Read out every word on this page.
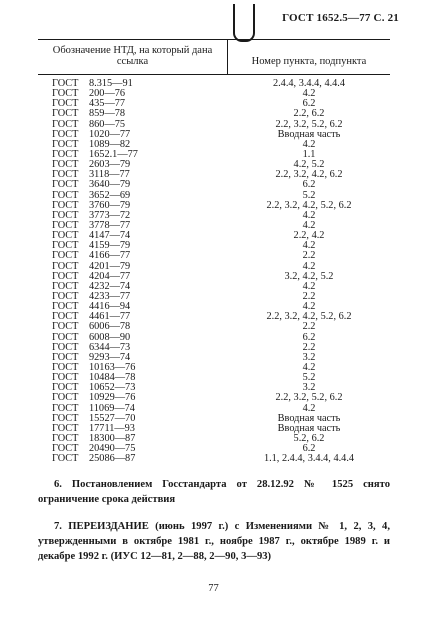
ГОСТ 1652.5—77 С. 21
Обозначение НТД, на который дана ссылка	Номер пункта, подпункта
ГОСТ 8.315—91	2.4.4, 3.4.4, 4.4.4
ГОСТ 200—76	4.2
ГОСТ 435—77	6.2
ГОСТ 859—78	2.2, 6.2
ГОСТ 860—75	2.2, 3.2, 5.2, 6.2
ГОСТ 1020—77	Вводная часть
ГОСТ 1089—82	4.2
ГОСТ 1652.1—77	1.1
ГОСТ 2603—79	4.2, 5.2
ГОСТ 3118—77	2.2, 3.2, 4.2, 6.2
ГОСТ 3640—79	6.2
ГОСТ 3652—69	5.2
ГОСТ 3760—79	2.2, 3.2, 4.2, 5.2, 6.2
ГОСТ 3773—72	4.2
ГОСТ 3778—77	4.2
ГОСТ 4147—74	2.2, 4.2
ГОСТ 4159—79	4.2
ГОСТ 4166—77	2.2
ГОСТ 4201—79	4.2
ГОСТ 4204—77	3.2, 4.2, 5.2
ГОСТ 4232—74	4.2
ГОСТ 4233—77	2.2
ГОСТ 4416—94	4.2
ГОСТ 4461—77	2.2, 3.2, 4.2, 5.2, 6.2
ГОСТ 6006—78	2.2
ГОСТ 6008—90	6.2
ГОСТ 6344—73	2.2
ГОСТ 9293—74	3.2
ГОСТ 10163—76	4.2
ГОСТ 10484—78	5.2
ГОСТ 10652—73	3.2
ГОСТ 10929—76	2.2, 3.2, 5.2, 6.2
ГОСТ 11069—74	4.2
ГОСТ 15527—70	Вводная часть
ГОСТ 17711—93	Вводная часть
ГОСТ 18300—87	5.2, 6.2
ГОСТ 20490—75	6.2
ГОСТ 25086—87	1.1, 2.4.4, 3.4.4, 4.4.4
6. Постановлением Госстандарта от 28.12.92 № 1525 снято ограничение срока действия
7. ПЕРЕИЗДАНИЕ (июнь 1997 г.) с Изменениями № 1, 2, 3, 4, утвержденными в октябре 1981 г., ноябре 1987 г., октябре 1989 г. и декабре 1992 г. (ИУС 12—81, 2—88, 2—90, 3—93)
77
